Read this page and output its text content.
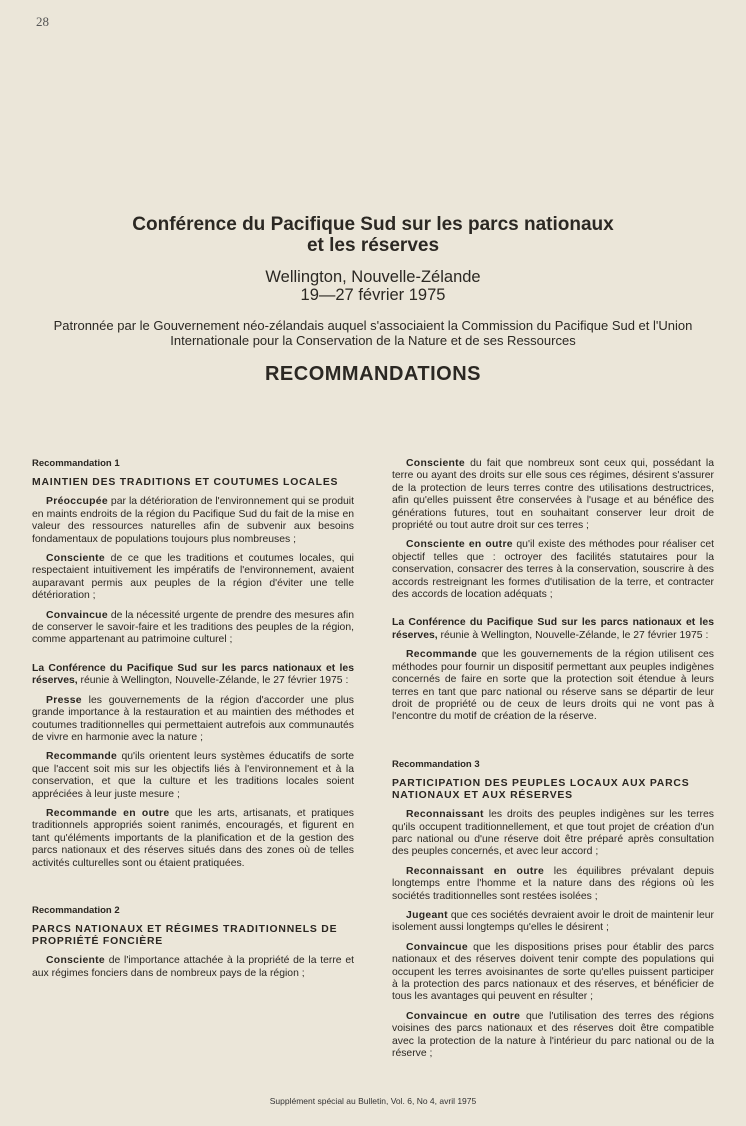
28
Conférence du Pacifique Sud sur les parcs nationaux
et les réserves

Wellington, Nouvelle-Zélande

19—27 février 1975

Patronnée par le Gouvernement néo-zélandais auquel s'associaient la Commission du Pacifique Sud et l'Union Internationale pour la Conservation de la Nature et de ses Ressources

RECOMMANDATIONS

Recommandation 1

MAINTIEN DES TRADITIONS ET COUTUMES LOCALES

Préoccupée par la détérioration de l'environnement qui se produit en maints endroits de la région du Pacifique Sud du fait de la mise en valeur des ressources naturelles afin de subvenir aux besoins fondamentaux de populations toujours plus nombreuses ;

Consciente de ce que les traditions et coutumes locales, qui respectaient intuitivement les impératifs de l'environnement, avaient auparavant permis aux peuples de la région d'éviter une telle détérioration ;

Convaincue de la nécessité urgente de prendre des mesures afin de conserver le savoir-faire et les traditions des peuples de la région, comme appartenant au patrimoine culturel ;

La Conférence du Pacifique Sud sur les parcs nationaux et les réserves, réunie à Wellington, Nouvelle-Zélande, le 27 février 1975 :

Presse les gouvernements de la région d'accorder une plus grande importance à la restauration et au maintien des méthodes et coutumes traditionnelles qui permettaient autrefois aux communautés de vivre en harmonie avec la nature ;

Recommande qu'ils orientent leurs systèmes éducatifs de sorte que l'accent soit mis sur les objectifs liés à l'environnement et à la conservation, et que la culture et les traditions locales soient appréciées à leur juste mesure ;

Recommande en outre que les arts, artisanats, et pratiques traditionnels appropriés soient ranimés, encouragés, et figurent en tant qu'éléments importants de la planification et de la gestion des parcs nationaux et des réserves situés dans des zones où de telles activités culturelles sont ou étaient pratiquées.

Recommandation 2

PARCS NATIONAUX ET RÉGIMES TRADITIONNELS DE PROPRIÉTÉ FONCIÈRE

Consciente de l'importance attachée à la propriété de la terre et aux régimes fonciers dans de nombreux pays de la région ;

Consciente du fait que nombreux sont ceux qui, possédant la terre ou ayant des droits sur elle sous ces régimes, désirent s'assurer de la protection de leurs terres contre des utilisations destructrices, afin qu'elles puissent être conservées à l'usage et au bénéfice des générations futures, tout en souhaitant conserver leur droit de propriété ou tout autre droit sur ces terres ;

Consciente en outre qu'il existe des méthodes pour réaliser cet objectif telles que : octroyer des facilités statutaires pour la conservation, consacrer des terres à la conservation, souscrire à des accords restreignant les formes d'utilisation de la terre, et contracter des accords de location adéquats ;

La Conférence du Pacifique Sud sur les parcs nationaux et les réserves, réunie à Wellington, Nouvelle-Zélande, le 27 février 1975 :

Recommande que les gouvernements de la région utilisent ces méthodes pour fournir un dispositif permettant aux peuples indigènes concernés de faire en sorte que la protection soit étendue à leurs terres en tant que parc national ou réserve sans se départir de leur droit de propriété ou de ceux de leurs droits qui ne vont pas à l'encontre du motif de création de la réserve.

Recommandation 3

PARTICIPATION DES PEUPLES LOCAUX AUX PARCS NATIONAUX ET AUX RÉSERVES

Reconnaissant les droits des peuples indigènes sur les terres qu'ils occupent traditionnellement, et que tout projet de création d'un parc national ou d'une réserve doit être préparé après consultation des peuples concernés, et avec leur accord ;

Reconnaissant en outre les équilibres prévalant depuis longtemps entre l'homme et la nature dans des régions où les sociétés traditionnelles sont restées isolées ;

Jugeant que ces sociétés devraient avoir le droit de maintenir leur isolement aussi longtemps qu'elles le désirent ;

Convaincue que les dispositions prises pour établir des parcs nationaux et des réserves doivent tenir compte des populations qui occupent les terres avoisinantes de sorte qu'elles puissent participer à la protection des parcs nationaux et des réserves, et bénéficier de tous les avantages qui peuvent en résulter ;

Convaincue en outre que l'utilisation des terres des régions voisines des parcs nationaux et des réserves doit être compatible avec la protection de la nature à l'intérieur du parc national ou de la réserve ;

Supplément spécial au Bulletin, Vol. 6, No 4, avril 1975
